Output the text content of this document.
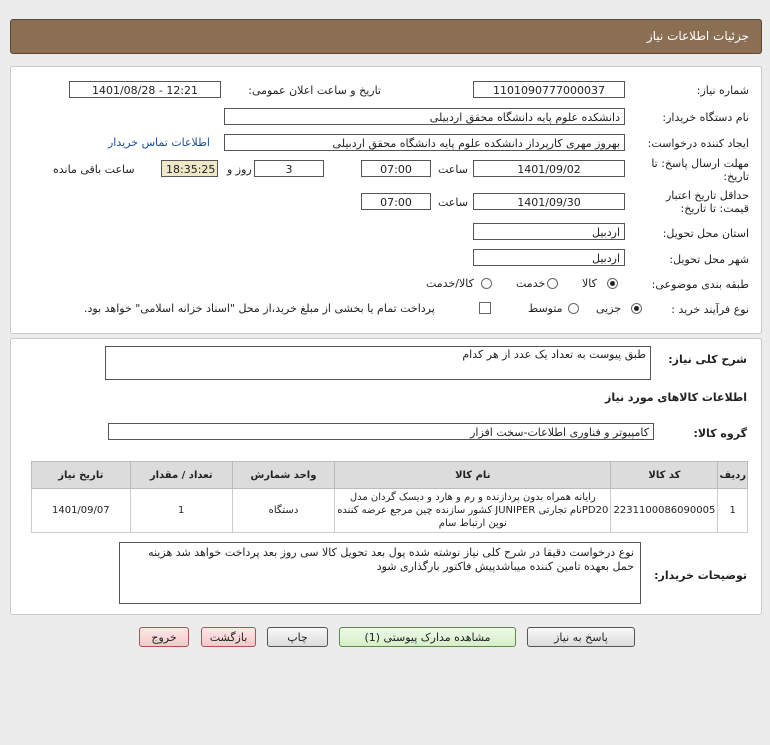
جزئیات اطلاعات نیاز
شماره نیاز:
1101090777000037
تاریخ و ساعت اعلان عمومی:
1401/08/28 - 12:21
نام دستگاه خریدار:
دانشکده علوم پایه دانشگاه محقق اردبیلی
ایجاد کننده درخواست:
بهروز مهری کارپرداز دانشکده علوم پایه دانشگاه محقق اردبیلی
اطلاعات تماس خریدار
مهلت ارسال پاسخ: تا
تاریخ:
1401/09/02
ساعت
07:00
3
روز و
18:35:25
ساعت باقی مانده
حداقل تاریخ اعتبار
قیمت: تا تاریخ:
1401/09/30
ساعت
07:00
استان محل تحویل:
اردبیل
شهر محل تحویل:
اردبیل
طبقه بندی موضوعی:
کالا
خدمت
کالا/خدمت
نوع فرآیند خرید :
جزیی
متوسط
پرداخت تمام یا بخشی از مبلغ خرید،از محل "اسناد خزانه اسلامی" خواهد بود.
شرح کلی نیاز:
طبق پیوست به تعداد یک عدد از هر کدام
اطلاعات کالاهای مورد نیاز
گروه کالا:
کامپیوتر و فناوری اطلاعات-سخت افزار
ردیف	کد کالا	نام کالا	واحد شمارش	تعداد / مقدار	تاریخ نیاز
1	2231100086090005	رایانه همراه بدون پردازنده و رم و هارد و دیسک گردان مدل PD20نام تجارتی JUNIPER کشور سازنده چین مرجع عرضه کننده نوین ارتباط سام	دستگاه	1	1401/09/07
توضیحات خریدار:
نوع درخواست دقیقا در شرح کلی نیاز نوشته شده پول بعد تحویل کالا سی روز بعد پرداخت خواهد شد هزینه حمل بعهده تامین کننده میباشدپیش فاکتور بارگذاری شود
پاسخ به نیاز
مشاهده مدارک پیوستی (1)
چاپ
بازگشت
خروج
